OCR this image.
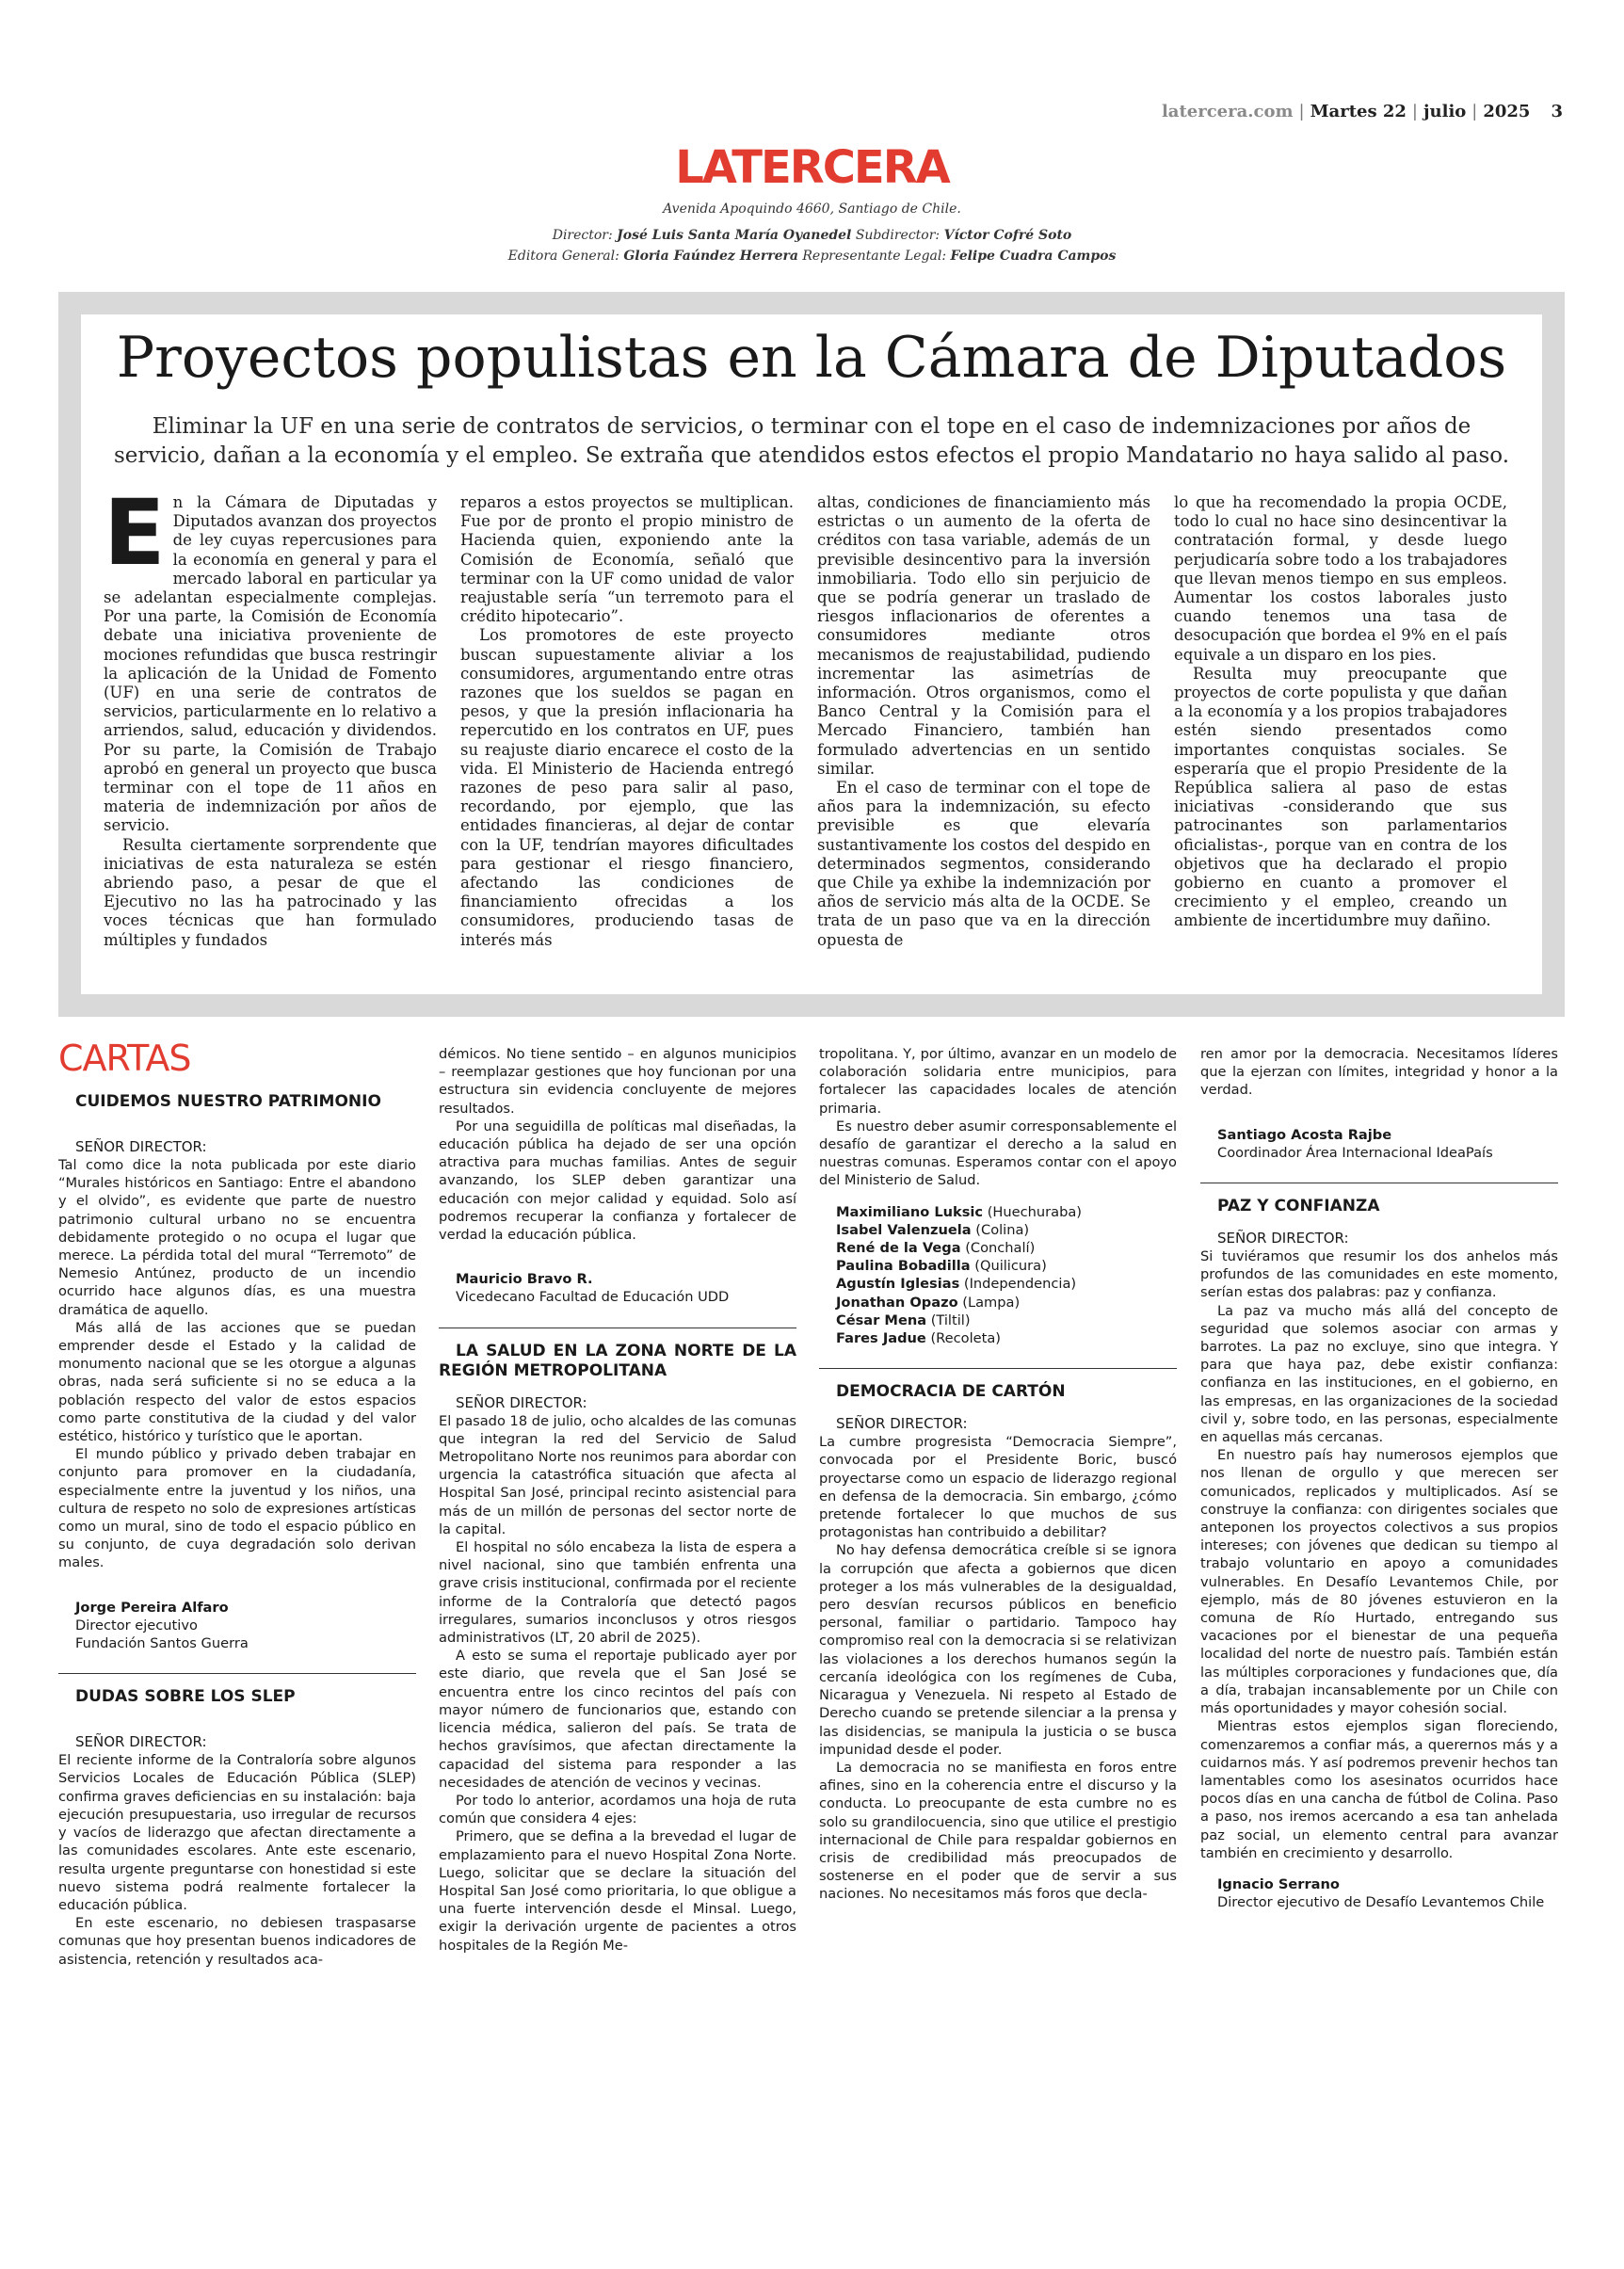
latercera.com | Martes 22 | julio | 2025 3
LATERCERA
Avenida Apoquindo 4660, Santiago de Chile.
Director: José Luis Santa María Oyanedel Subdirector: Víctor Cofré Soto
Editora General: Gloria Faúndez Herrera Representante Legal: Felipe Cuadra Campos
Proyectos populistas en la Cámara de Diputados
Eliminar la UF en una serie de contratos de servicios, o terminar con el tope en el caso de indemnizaciones por años de servicio, dañan a la economía y el empleo. Se extraña que atendidos estos efectos el propio Mandatario no haya salido al paso.

En la Cámara de Diputadas y Diputados avanzan dos proyectos de ley cuyas repercusiones para la economía en general y para el mercado laboral en particular ya se adelantan especialmente complejas. Por una parte, la Comisión de Economía debate una iniciativa proveniente de mociones refundidas que busca restringir la aplicación de la Unidad de Fomento (UF) en una serie de contratos de servicios, particularmente en lo relativo a arriendos, salud, educación y dividendos. Por su parte, la Comisión de Trabajo aprobó en general un proyecto que busca terminar con el tope de 11 años en materia de indemnización por años de servicio.

Resulta ciertamente sorprendente que iniciativas de esta naturaleza se estén abriendo paso, a pesar de que el Ejecutivo no las ha patrocinado y las voces técnicas que han formulado múltiples y fundados

reparos a estos proyectos se multiplican. Fue por de pronto el propio ministro de Hacienda quien, exponiendo ante la Comisión de Economía, señaló que terminar con la UF como unidad de valor reajustable sería “un terremoto para el crédito hipotecario”.

Los promotores de este proyecto buscan supuestamente aliviar a los consumidores, argumentando entre otras razones que los sueldos se pagan en pesos, y que la presión inflacionaria ha repercutido en los contratos en UF, pues su reajuste diario encarece el costo de la vida. El Ministerio de Hacienda entregó razones de peso para salir al paso, recordando, por ejemplo, que las entidades financieras, al dejar de contar con la UF, tendrían mayores dificultades para gestionar el riesgo financiero, afectando las condiciones de financiamiento ofrecidas a los consumidores, produciendo tasas de interés más

altas, condiciones de financiamiento más estrictas o un aumento de la oferta de créditos con tasa variable, además de un previsible desincentivo para la inversión inmobiliaria. Todo ello sin perjuicio de que se podría generar un traslado de riesgos inflacionarios de oferentes a consumidores mediante otros mecanismos de reajustabilidad, pudiendo incrementar las asimetrías de información. Otros organismos, como el Banco Central y la Comisión para el Mercado Financiero, también han formulado advertencias en un sentido similar.

En el caso de terminar con el tope de años para la indemnización, su efecto previsible es que elevaría sustantivamente los costos del despido en determinados segmentos, considerando que Chile ya exhibe la indemnización por años de servicio más alta de la OCDE. Se trata de un paso que va en la dirección opuesta de

lo que ha recomendado la propia OCDE, todo lo cual no hace sino desincentivar la contratación formal, y desde luego perjudicaría sobre todo a los trabajadores que llevan menos tiempo en sus empleos. Aumentar los costos laborales justo cuando tenemos una tasa de desocupación que bordea el 9% en el país equivale a un disparo en los pies.

Resulta muy preocupante que proyectos de corte populista y que dañan a la economía y a los propios trabajadores estén siendo presentados como importantes conquistas sociales. Se esperaría que el propio Presidente de la República saliera al paso de estas iniciativas -considerando que sus patrocinantes son parlamentarios oficialistas-, porque van en contra de los objetivos que ha declarado el propio gobierno en cuanto a promover el crecimiento y el empleo, creando un ambiente de incertidumbre muy dañino.

CARTAS

CUIDEMOS NUESTRO PATRIMONIO

SEÑOR DIRECTOR:

Tal como dice la nota publicada por este diario “Murales históricos en Santiago: Entre el abandono y el olvido”, es evidente que parte de nuestro patrimonio cultural urbano no se encuentra debidamente protegido o no ocupa el lugar que merece. La pérdida total del mural “Terremoto” de Nemesio Antúnez, producto de un incendio ocurrido hace algunos días, es una muestra dramática de aquello.

Más allá de las acciones que se puedan emprender desde el Estado y la calidad de monumento nacional que se les otorgue a algunas obras, nada será suficiente si no se educa a la población respecto del valor de estos espacios como parte constitutiva de la ciudad y del valor estético, histórico y turístico que le aportan.

El mundo público y privado deben trabajar en conjunto para promover en la ciudadanía, especialmente entre la juventud y los niños, una cultura de respeto no solo de expresiones artísticas como un mural, sino de todo el espacio público en su conjunto, de cuya degradación solo derivan males.

Jorge Pereira Alfaro

Director ejecutivo

Fundación Santos Guerra

DUDAS SOBRE LOS SLEP

SEÑOR DIRECTOR:

El reciente informe de la Contraloría sobre algunos Servicios Locales de Educación Pública (SLEP) confirma graves deficiencias en su instalación: baja ejecución presupuestaria, uso irregular de recursos y vacíos de liderazgo que afectan directamente a las comunidades escolares. Ante este escenario, resulta urgente preguntarse con honestidad si este nuevo sistema podrá realmente fortalecer la educación pública.

En este escenario, no debiesen traspasarse comunas que hoy presentan buenos indicadores de asistencia, retención y resultados aca-

démicos. No tiene sentido – en algunos municipios – reemplazar gestiones que hoy funcionan por una estructura sin evidencia concluyente de mejores resultados.

Por una seguidilla de políticas mal diseñadas, la educación pública ha dejado de ser una opción atractiva para muchas familias. Antes de seguir avanzando, los SLEP deben garantizar una educación con mejor calidad y equidad. Solo así podremos recuperar la confianza y fortalecer de verdad la educación pública.

Mauricio Bravo R.

Vicedecano Facultad de Educación UDD

LA SALUD EN LA ZONA NORTE DE LA REGIÓN METROPOLITANA

SEÑOR DIRECTOR:

El pasado 18 de julio, ocho alcaldes de las comunas que integran la red del Servicio de Salud Metropolitano Norte nos reunimos para abordar con urgencia la catastrófica situación que afecta al Hospital San José, principal recinto asistencial para más de un millón de personas del sector norte de la capital.

El hospital no sólo encabeza la lista de espera a nivel nacional, sino que también enfrenta una grave crisis institucional, confirmada por el reciente informe de la Contraloría que detectó pagos irregulares, sumarios inconclusos y otros riesgos administrativos (LT, 20 abril de 2025).

A esto se suma el reportaje publicado ayer por este diario, que revela que el San José se encuentra entre los cinco recintos del país con mayor número de funcionarios que, estando con licencia médica, salieron del país. Se trata de hechos gravísimos, que afectan directamente la capacidad del sistema para responder a las necesidades de atención de vecinos y vecinas.

Por todo lo anterior, acordamos una hoja de ruta común que considera 4 ejes:

Primero, que se defina a la brevedad el lugar de emplazamiento para el nuevo Hospital Zona Norte. Luego, solicitar que se declare la situación del Hospital San José como prioritaria, lo que obligue a una fuerte intervención desde el Minsal. Luego, exigir la derivación urgente de pacientes a otros hospitales de la Región Me-

tropolitana. Y, por último, avanzar en un modelo de colaboración solidaria entre municipios, para fortalecer las capacidades locales de atención primaria.

Es nuestro deber asumir corresponsablemente el desafío de garantizar el derecho a la salud en nuestras comunas. Esperamos contar con el apoyo del Ministerio de Salud.

Maximiliano Luksic (Huechuraba)

Isabel Valenzuela (Colina)

René de la Vega (Conchalí)

Paulina Bobadilla (Quilicura)

Agustín Iglesias (Independencia)

Jonathan Opazo (Lampa)

César Mena (Tiltil)

Fares Jadue (Recoleta)

DEMOCRACIA DE CARTÓN

SEÑOR DIRECTOR:

La cumbre progresista “Democracia Siempre”, convocada por el Presidente Boric, buscó proyectarse como un espacio de liderazgo regional en defensa de la democracia. Sin embargo, ¿cómo pretende fortalecer lo que muchos de sus protagonistas han contribuido a debilitar?

No hay defensa democrática creíble si se ignora la corrupción que afecta a gobiernos que dicen proteger a los más vulnerables de la desigualdad, pero desvían recursos públicos en beneficio personal, familiar o partidario. Tampoco hay compromiso real con la democracia si se relativizan las violaciones a los derechos humanos según la cercanía ideológica con los regímenes de Cuba, Nicaragua y Venezuela. Ni respeto al Estado de Derecho cuando se pretende silenciar a la prensa y las disidencias, se manipula la justicia o se busca impunidad desde el poder.

La democracia no se manifiesta en foros entre afines, sino en la coherencia entre el discurso y la conducta. Lo preocupante de esta cumbre no es solo su grandilocuencia, sino que utilice el prestigio internacional de Chile para respaldar gobiernos en crisis de credibilidad más preocupados de sostenerse en el poder que de servir a sus naciones. No necesitamos más foros que decla-

ren amor por la democracia. Necesitamos líderes que la ejerzan con límites, integridad y honor a la verdad.

Santiago Acosta Rajbe

Coordinador Área Internacional IdeaPaís

PAZ Y CONFIANZA

SEÑOR DIRECTOR:

Si tuviéramos que resumir los dos anhelos más profundos de las comunidades en este momento, serían estas dos palabras: paz y confianza.

La paz va mucho más allá del concepto de seguridad que solemos asociar con armas y barrotes. La paz no excluye, sino que integra. Y para que haya paz, debe existir confianza: confianza en las instituciones, en el gobierno, en las empresas, en las organizaciones de la sociedad civil y, sobre todo, en las personas, especialmente en aquellas más cercanas.

En nuestro país hay numerosos ejemplos que nos llenan de orgullo y que merecen ser comunicados, replicados y multiplicados. Así se construye la confianza: con dirigentes sociales que anteponen los proyectos colectivos a sus propios intereses; con jóvenes que dedican su tiempo al trabajo voluntario en apoyo a comunidades vulnerables. En Desafío Levantemos Chile, por ejemplo, más de 80 jóvenes estuvieron en la comuna de Río Hurtado, entregando sus vacaciones por el bienestar de una pequeña localidad del norte de nuestro país. También están las múltiples corporaciones y fundaciones que, día a día, trabajan incansablemente por un Chile con más oportunidades y mayor cohesión social.

Mientras estos ejemplos sigan floreciendo, comenzaremos a confiar más, a querernos más y a cuidarnos más. Y así podremos prevenir hechos tan lamentables como los asesinatos ocurridos hace pocos días en una cancha de fútbol de Colina. Paso a paso, nos iremos acercando a esa tan anhelada paz social, un elemento central para avanzar también en crecimiento y desarrollo.

Ignacio Serrano

Director ejecutivo de Desafío Levantemos Chile
